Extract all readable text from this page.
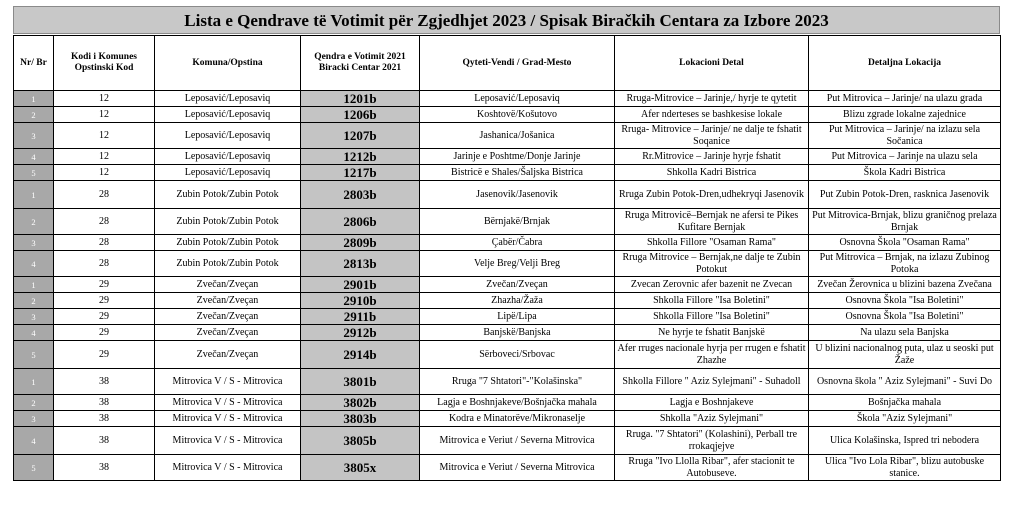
Lista e Qendrave të Votimit për Zgjedhjet 2023 / Spisak Biračkih Centara za Izbore 2023
Nr/ Br	Kodi i Komunes Opstinski Kod	Komuna/Opstina	Qendra e Votimit 2021 Biracki Centar 2021	Qyteti-Vendi / Grad-Mesto	Lokacioni Detal	Detaljna Lokacija
1	12	Leposavić/Leposaviq	1201b	Leposavić/Leposaviq	Rruga-Mitrovice – Jarinje,/ hyrje te qytetit	Put Mitrovica – Jarinje/ na ulazu grada
2	12	Leposavić/Leposaviq	1206b	Koshtovë/Košutovo	Afer nderteses se bashkesise lokale	Blizu zgrade lokalne zajednice
3	12	Leposavić/Leposaviq	1207b	Jashanica/Jošanica	Rruga- Mitrovice – Jarinje/ ne dalje te fshatit Soqanice	Put Mitrovica – Jarinje/ na izlazu sela Sočanica
4	12	Leposavić/Leposaviq	1212b	Jarinje e Poshtme/Donje Jarinje	Rr.Mitrovice – Jarinje hyrje fshatit	Put Mitrovica – Jarinje na ulazu sela
5	12	Leposavić/Leposaviq	1217b	Bistricë e Shales/Šaljska Bistrica	Shkolla Kadri Bistrica	Škola Kadri Bistrica
1	28	Zubin Potok/Zubin Potok	2803b	Jasenovik/Jasenovik	Rruga Zubin Potok-Dren,udhekryqi Jasenovik	Put Zubin Potok-Dren, rasknica Jasenovik
2	28	Zubin Potok/Zubin Potok	2806b	Bërnjakë/Brnjak	Rruga Mitrovicë–Bernjak ne afersi te Pikes Kufitare Bernjak	Put Mitrovica-Brnjak, blizu graničnog prelaza Brnjak
3	28	Zubin Potok/Zubin Potok	2809b	Çabër/Čabra	Shkolla Fillore "Osaman Rama"	Osnovna Škola "Osaman Rama"
4	28	Zubin Potok/Zubin Potok	2813b	Velje Breg/Velji Breg	Rruga Mitrovice – Bernjak,ne dalje te Zubin Potokut	Put Mitrovica – Brnjak, na izlazu Zubinog Potoka
1	29	Zvečan/Zveçan	2901b	Zvečan/Zveçan	Zvecan Zerovnic afer bazenit ne Zvecan	Zvečan Žerovnica u blizini bazena Zvečana
2	29	Zvečan/Zveçan	2910b	Zhazha/Žaža	Shkolla Fillore "Isa Boletini"	Osnovna Škola "Isa Boletini"
3	29	Zvečan/Zveçan	2911b	Lipë/Lipa	Shkolla Fillore "Isa Boletini"	Osnovna Škola "Isa Boletini"
4	29	Zvečan/Zveçan	2912b	Banjskë/Banjska	Ne hyrje te fshatit Banjskë	Na ulazu sela Banjska
5	29	Zvečan/Zveçan	2914b	Sërboveci/Srbovac	Afer rruges nacionale hyrja per rrugen e fshatit Zhazhe	U blizini nacionalnog puta, ulaz u seoski put Žaže
1	38	Mitrovica V / S - Mitrovica	3801b	Rruga "7 Shtatori"-"Kolašinska"	Shkolla Fillore " Aziz Sylejmani" - Suhadoll	Osnovna škola " Aziz Sylejmani" - Suvi Do
2	38	Mitrovica V / S - Mitrovica	3802b	Lagja e Boshnjakeve/Bošnjačka mahala	Lagja e Boshnjakeve	Bošnjačka mahala
3	38	Mitrovica V / S - Mitrovica	3803b	Kodra e Minatorëve/Mikronaselje	Shkolla "Aziz Sylejmani"	Škola "Aziz Sylejmani"
4	38	Mitrovica V / S - Mitrovica	3805b	Mitrovica e Veriut / Severna Mitrovica	Rruga. "7 Shtatori" (Kolashini), Perball tre rrokaqjejve	Ulica Kolašinska, Ispred tri nebodera
5	38	Mitrovica V / S - Mitrovica	3805x	Mitrovica e Veriut / Severna Mitrovica	Rruga "Ivo Llolla Ribar", afer stacionit te Autobuseve.	Ulica "Ivo Lola Ribar", blizu autobuske stanice.
